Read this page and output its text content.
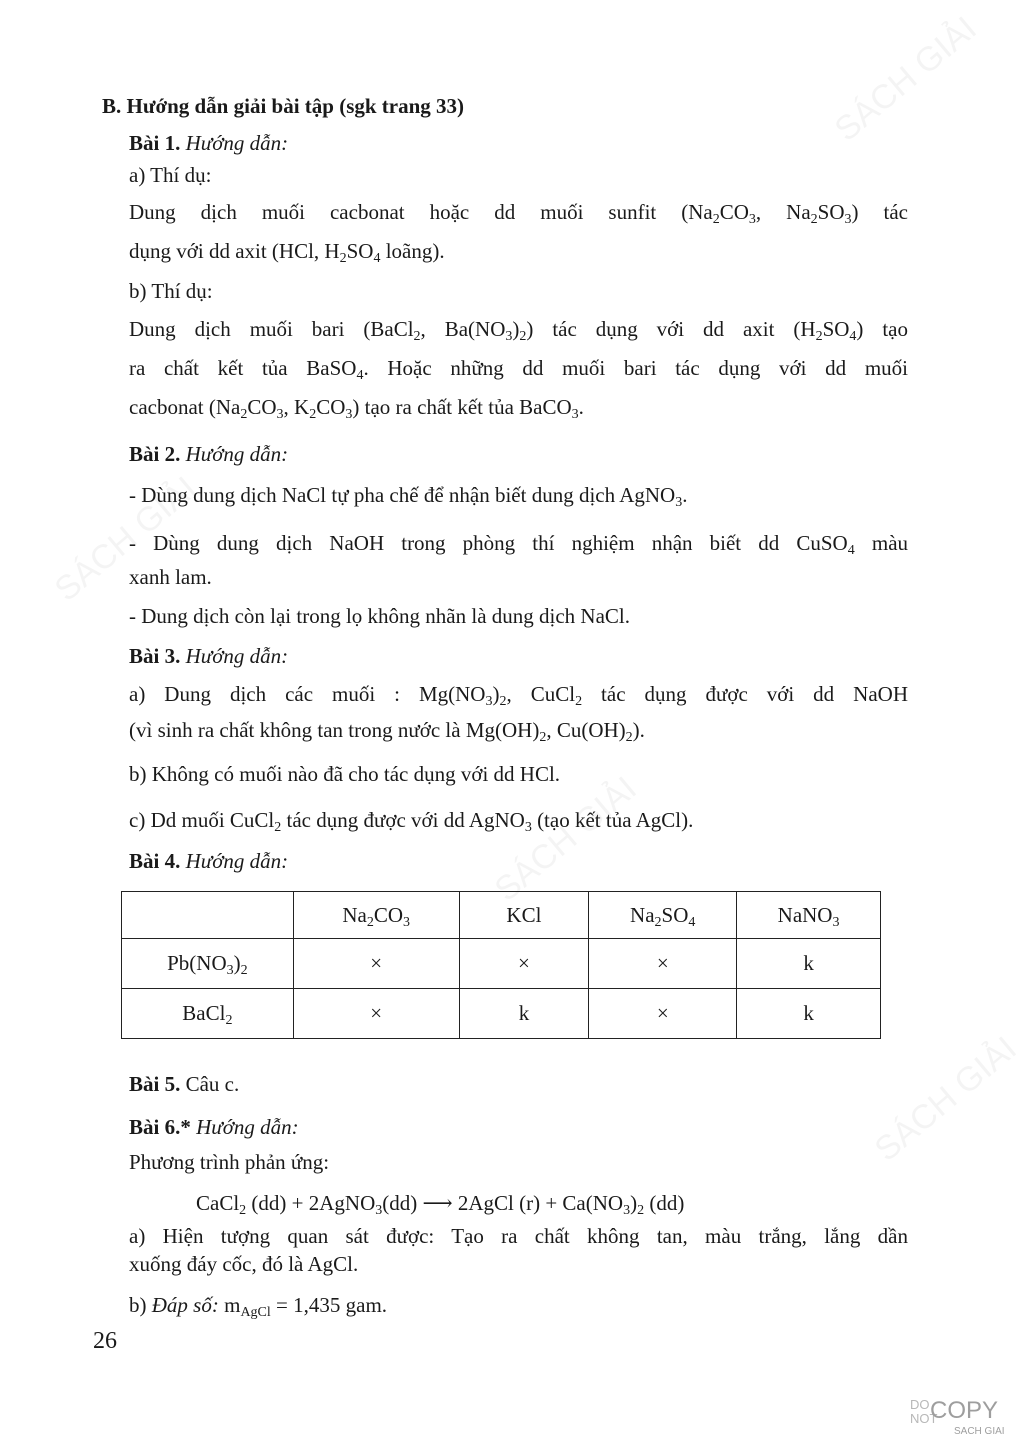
B. Hướng dẫn giải bài tập (sgk trang 33)
Bài 1. Hướng dẫn:
a) Thí dụ:
Dung dịch muối cacbonat hoặc dd muối sunfit ($Na_2CO_3$, $Na_2SO_3$) tác
dụng với dd axit (HCl, $H_2SO_4$ loãng).
b) Thí dụ:
Dung dịch muối bari (BaCl$_2$, $Ba(NO_3)_2$) tác dụng với dd axit $(H_2SO_4)$ tạo
ra chất kết tủa BaSO$_4$. Hoặc những dd muối bari tác dụng với dd muối
cacbonat ($Na_2CO_3$, $K_2CO_3$) tạo ra chất kết tủa BaCO$_3$.
Bài 2. Hướng dẫn:
- Dùng dung dịch NaCl tự pha chế để nhận biết dung dịch AgNO$_3$.
- Dùng dung dịch NaOH trong phòng thí nghiệm nhận biết dd CuSO$_4$ màu
xanh lam.
- Dung dịch còn lại trong lọ không nhãn là dung dịch NaCl.
Bài 3. Hướng dẫn:
a) Dung dịch các muối : $Mg(NO_3)_2$, CuCl$_2$ tác dụng được với dd NaOH
(vì sinh ra chất không tan trong nước là $Mg(OH)_2$, $Cu(OH)_2$).
b) Không có muối nào đã cho tác dụng với dd HCl.
c) Dd muối CuCl$_2$ tác dụng được với dd AgNO$_3$ (tạo kết tủa AgCl).
Bài 4. Hướng dẫn:
	$Na_2CO_3$	KCl	$Na_2SO_4$	NaNO$_3$
$Pb(NO_3)_2$	×	×	×	k
BaCl$_2$	×	k	×	k
Bài 5. Câu c.
Bài 6.* Hướng dẫn:
Phương trình phản ứng:
CaCl$_2$ (dd) + 2AgNO$_3$(dd) ⟶ 2AgCl $(r) + Ca(NO_3)_2$ (dd)
a) Hiện tượng quan sát được: Tạo ra chất không tan, màu trắng, lắng dần
xuống đáy cốc, đó là AgCl.
b) Đáp số: $m_{AgCl} = 1,435$ gam.
26
DO
NOT
COPY
SACH GIAI
